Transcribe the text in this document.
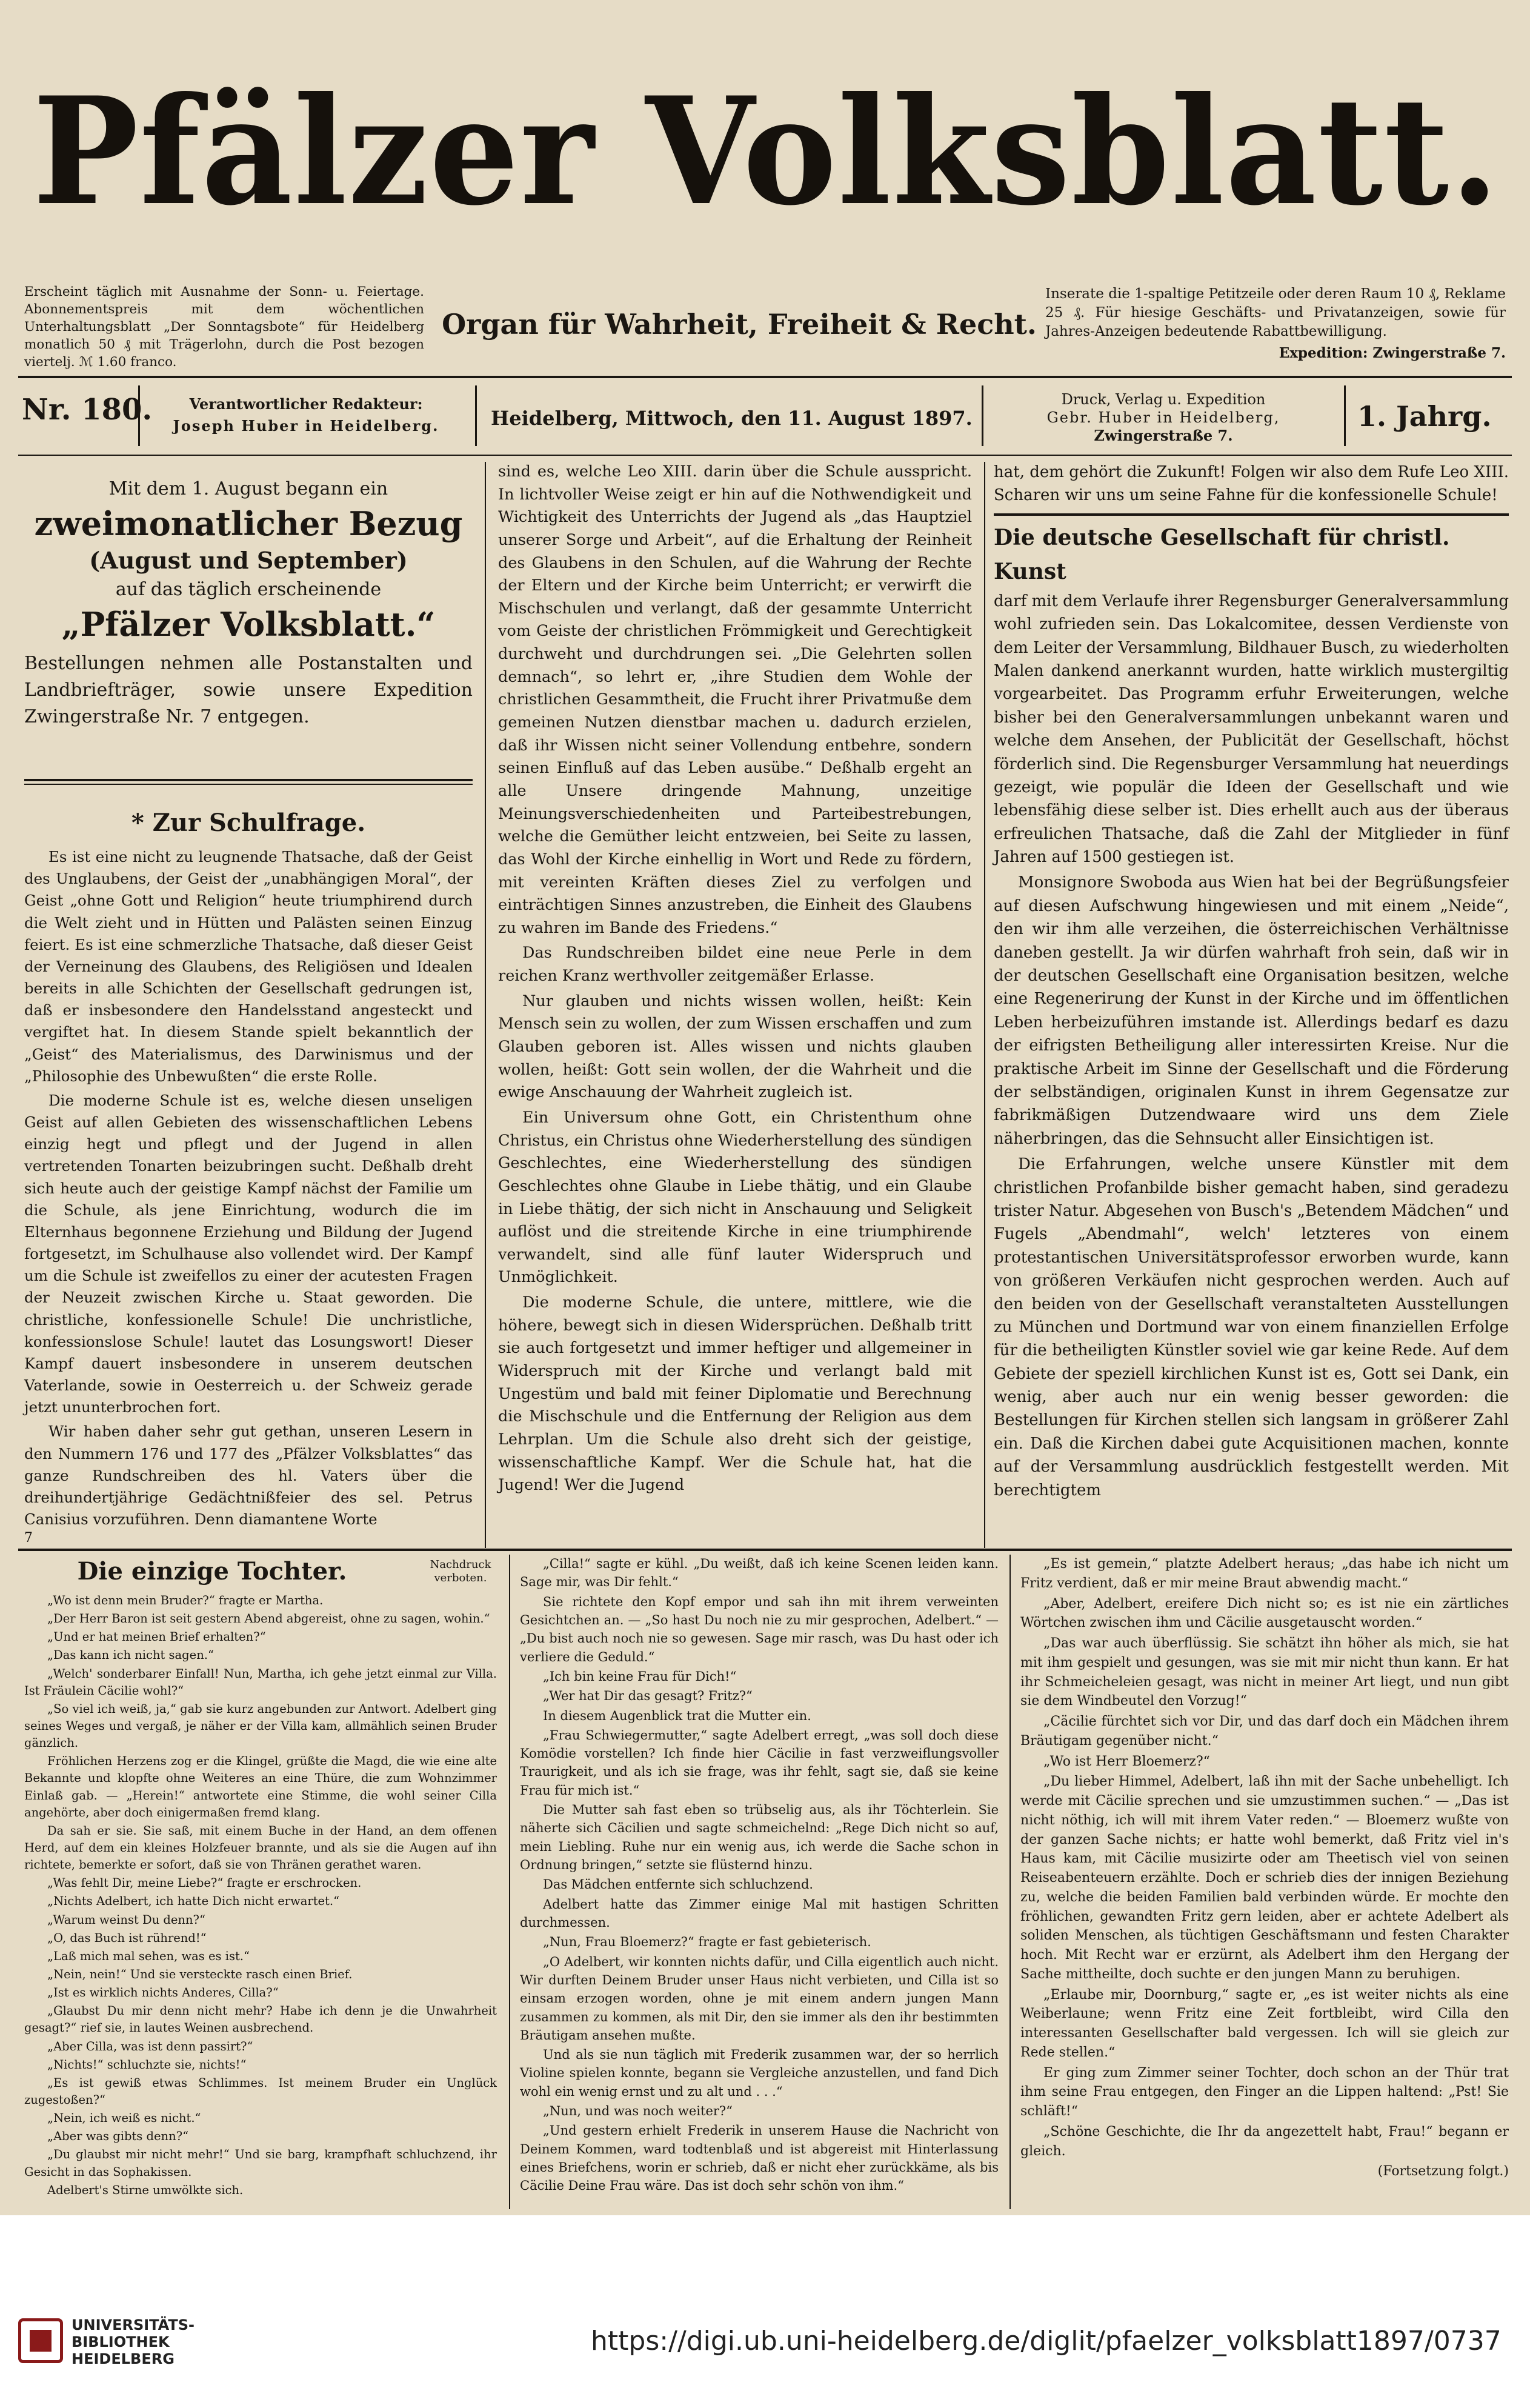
Pfälzer Volksblatt.
Erscheint täglich mit Ausnahme der Sonn- u. Feiertage. Abonnementspreis mit dem wöchentlichen Unterhaltungsblatt „Der Sonntagsbote“ für Heidelberg monatlich 50 ₰ mit Trägerlohn, durch die Post bezogen viertelj. ℳ 1.60 franco.
Organ für Wahrheit, Freiheit & Recht.
Inserate die 1-spaltige Petitzeile oder deren Raum 10 ₰, Reklame 25 ₰. Für hiesige Geschäfts- und Privatanzeigen, sowie für Jahres-Anzeigen bedeutende Rabattbewilligung.
Expedition: Zwingerstraße 7.
Nr. 180.	Verantwortlicher Redakteur:
Joseph Huber in Heidelberg.	Heidelberg, Mittwoch, den 11. August 1897.
Druck, Verlag u. Expedition
Gebr. Huber in Heidelberg,
Zwingerstraße 7.
1. Jahrg.
Mit dem 1. August begann ein
zweimonatlicher Bezug
(August und September)
auf das täglich erscheinende
„Pfälzer Volksblatt.“
Bestellungen nehmen alle Postanstalten und Landbriefträger, sowie unsere Expedition Zwingerstraße Nr. 7 entgegen.
* Zur Schulfrage.

Es ist eine nicht zu leugnende Thatsache, daß der Geist des Unglaubens, der Geist der „unabhängigen Moral“, der Geist „ohne Gott und Religion“ heute triumphirend durch die Welt zieht und in Hütten und Palästen seinen Einzug feiert. Es ist eine schmerzliche Thatsache, daß dieser Geist der Verneinung des Glaubens, des Religiösen und Idealen bereits in alle Schichten der Gesellschaft gedrungen ist, daß er insbesondere den Handelsstand angesteckt und vergiftet hat. In diesem Stande spielt bekanntlich der „Geist“ des Materialismus, des Darwinismus und der „Philosophie des Unbewußten“ die erste Rolle.

Die moderne Schule ist es, welche diesen unseligen Geist auf allen Gebieten des wissenschaftlichen Lebens einzig hegt und pflegt und der Jugend in allen vertretenden Tonarten beizubringen sucht. Deßhalb dreht sich heute auch der geistige Kampf nächst der Familie um die Schule, als jene Einrichtung, wodurch die im Elternhaus begonnene Erziehung und Bildung der Jugend fortgesetzt, im Schulhause also vollendet wird. Der Kampf um die Schule ist zweifellos zu einer der acutesten Fragen der Neuzeit zwischen Kirche u. Staat geworden. Die christliche, konfessionelle Schule! Die unchristliche, konfessionslose Schule! lautet das Losungswort! Dieser Kampf dauert insbesondere in unserem deutschen Vaterlande, sowie in Oesterreich u. der Schweiz gerade jetzt ununterbrochen fort.

Wir haben daher sehr gut gethan, unseren Lesern in den Nummern 176 und 177 des „Pfälzer Volksblattes“ das ganze Rundschreiben des hl. Vaters über die dreihundertjährige Gedächtnißfeier des sel. Petrus Canisius vorzuführen. Denn diamantene Worte

sind es, welche Leo XIII. darin über die Schule ausspricht. In lichtvoller Weise zeigt er hin auf die Nothwendigkeit und Wichtigkeit des Unterrichts der Jugend als „das Hauptziel unserer Sorge und Arbeit“, auf die Erhaltung der Reinheit des Glaubens in den Schulen, auf die Wahrung der Rechte der Eltern und der Kirche beim Unterricht; er verwirft die Mischschulen und verlangt, daß der gesammte Unterricht vom Geiste der christlichen Frömmigkeit und Gerechtigkeit durchweht und durchdrungen sei. „Die Gelehrten sollen demnach“, so lehrt er, „ihre Studien dem Wohle der christlichen Gesammtheit, die Frucht ihrer Privatmuße dem gemeinen Nutzen dienstbar machen u. dadurch erzielen, daß ihr Wissen nicht seiner Vollendung entbehre, sondern seinen Einfluß auf das Leben ausübe.“ Deßhalb ergeht an alle Unsere dringende Mahnung, unzeitige Meinungsverschiedenheiten und Parteibestrebungen, welche die Gemüther leicht entzweien, bei Seite zu lassen, das Wohl der Kirche einhellig in Wort und Rede zu fördern, mit vereinten Kräften dieses Ziel zu verfolgen und einträchtigen Sinnes anzustreben, die Einheit des Glaubens zu wahren im Bande des Friedens.“

Das Rundschreiben bildet eine neue Perle in dem reichen Kranz werthvoller zeitgemäßer Erlasse.

Nur glauben und nichts wissen wollen, heißt: Kein Mensch sein zu wollen, der zum Wissen erschaffen und zum Glauben geboren ist. Alles wissen und nichts glauben wollen, heißt: Gott sein wollen, der die Wahrheit und die ewige Anschauung der Wahrheit zugleich ist.

Ein Universum ohne Gott, ein Christenthum ohne Christus, ein Christus ohne Wiederherstellung des sündigen Geschlechtes, eine Wiederherstellung des sündigen Geschlechtes ohne Glaube in Liebe thätig, und ein Glaube in Liebe thätig, der sich nicht in Anschauung und Seligkeit auflöst und die streitende Kirche in eine triumphirende verwandelt, sind alle fünf lauter Widerspruch und Unmöglichkeit.

Die moderne Schule, die untere, mittlere, wie die höhere, bewegt sich in diesen Widersprüchen. Deßhalb tritt sie auch fortgesetzt und immer heftiger und allgemeiner in Widerspruch mit der Kirche und verlangt bald mit Ungestüm und bald mit feiner Diplomatie und Berechnung die Mischschule und die Entfernung der Religion aus dem Lehrplan. Um die Schule also dreht sich der geistige, wissenschaftliche Kampf. Wer die Schule hat, hat die Jugend! Wer die Jugend

hat, dem gehört die Zukunft! Folgen wir also dem Rufe Leo XIII. Scharen wir uns um seine Fahne für die konfessionelle Schule!

Die deutsche Gesellschaft für christl. Kunst

darf mit dem Verlaufe ihrer Regensburger Generalversammlung wohl zufrieden sein. Das Lokalcomitee, dessen Verdienste von dem Leiter der Versammlung, Bildhauer Busch, zu wiederholten Malen dankend anerkannt wurden, hatte wirklich mustergiltig vorgearbeitet. Das Programm erfuhr Erweiterungen, welche bisher bei den Generalversammlungen unbekannt waren und welche dem Ansehen, der Publicität der Gesellschaft, höchst förderlich sind. Die Regensburger Versammlung hat neuerdings gezeigt, wie populär die Ideen der Gesellschaft und wie lebensfähig diese selber ist. Dies erhellt auch aus der überaus erfreulichen Thatsache, daß die Zahl der Mitglieder in fünf Jahren auf 1500 gestiegen ist.

Monsignore Swoboda aus Wien hat bei der Begrüßungsfeier auf diesen Aufschwung hingewiesen und mit einem „Neide“, den wir ihm alle verzeihen, die österreichischen Verhältnisse daneben gestellt. Ja wir dürfen wahrhaft froh sein, daß wir in der deutschen Gesellschaft eine Organisation besitzen, welche eine Regenerirung der Kunst in der Kirche und im öffentlichen Leben herbeizuführen imstande ist. Allerdings bedarf es dazu der eifrigsten Betheiligung aller interessirten Kreise. Nur die praktische Arbeit im Sinne der Gesellschaft und die Förderung der selbständigen, originalen Kunst in ihrem Gegensatze zur fabrikmäßigen Dutzendwaare wird uns dem Ziele näherbringen, das die Sehnsucht aller Einsichtigen ist.

Die Erfahrungen, welche unsere Künstler mit dem christlichen Profanbilde bisher gemacht haben, sind geradezu trister Natur. Abgesehen von Busch's „Betendem Mädchen“ und Fugels „Abendmahl“, welch' letzteres von einem protestantischen Universitätsprofessor erworben wurde, kann von größeren Verkäufen nicht gesprochen werden. Auch auf den beiden von der Gesellschaft veranstalteten Ausstellungen zu München und Dortmund war von einem finanziellen Erfolge für die betheiligten Künstler soviel wie gar keine Rede. Auf dem Gebiete der speziell kirchlichen Kunst ist es, Gott sei Dank, ein wenig, aber auch nur ein wenig besser geworden: die Bestellungen für Kirchen stellen sich langsam in größerer Zahl ein. Daß die Kirchen dabei gute Acquisitionen machen, konnte auf der Versammlung ausdrücklich festgestellt werden. Mit berechtigtem

7
Die einzige Tochter.	Nachdruck verboten.

„Wo ist denn mein Bruder?“ fragte er Martha.

„Der Herr Baron ist seit gestern Abend abgereist, ohne zu sagen, wohin.“

„Und er hat meinen Brief erhalten?“

„Das kann ich nicht sagen.“

„Welch' sonderbarer Einfall! Nun, Martha, ich gehe jetzt einmal zur Villa. Ist Fräulein Cäcilie wohl?“

„So viel ich weiß, ja,“ gab sie kurz angebunden zur Antwort. Adelbert ging seines Weges und vergaß, je näher er der Villa kam, allmählich seinen Bruder gänzlich.

Fröhlichen Herzens zog er die Klingel, grüßte die Magd, die wie eine alte Bekannte und klopfte ohne Weiteres an eine Thüre, die zum Wohnzimmer Einlaß gab. — „Herein!“ antwortete eine Stimme, die wohl seiner Cilla angehörte, aber doch einigermaßen fremd klang.

Da sah er sie. Sie saß, mit einem Buche in der Hand, an dem offenen Herd, auf dem ein kleines Holzfeuer brannte, und als sie die Augen auf ihn richtete, bemerkte er sofort, daß sie von Thränen gerathet waren.

„Was fehlt Dir, meine Liebe?“ fragte er erschrocken.

„Nichts Adelbert, ich hatte Dich nicht erwartet.“

„Warum weinst Du denn?“

„O, das Buch ist rührend!“

„Laß mich mal sehen, was es ist.“

„Nein, nein!“ Und sie versteckte rasch einen Brief.

„Ist es wirklich nichts Anderes, Cilla?“

„Glaubst Du mir denn nicht mehr? Habe ich denn je die Unwahrheit gesagt?“ rief sie, in lautes Weinen ausbrechend.

„Aber Cilla, was ist denn passirt?“

„Nichts!“ schluchzte sie, nichts!“

„Es ist gewiß etwas Schlimmes. Ist meinem Bruder ein Unglück zugestoßen?“

„Nein, ich weiß es nicht.“

„Aber was gibts denn?“

„Du glaubst mir nicht mehr!“ Und sie barg, krampfhaft schluchzend, ihr Gesicht in das Sophakissen.

Adelbert's Stirne umwölkte sich.

„Cilla!“ sagte er kühl. „Du weißt, daß ich keine Scenen leiden kann. Sage mir, was Dir fehlt.“

Sie richtete den Kopf empor und sah ihn mit ihrem verweinten Gesichtchen an. — „So hast Du noch nie zu mir gesprochen, Adelbert.“ — „Du bist auch noch nie so gewesen. Sage mir rasch, was Du hast oder ich verliere die Geduld.“

„Ich bin keine Frau für Dich!“

„Wer hat Dir das gesagt? Fritz?“

In diesem Augenblick trat die Mutter ein.

„Frau Schwiegermutter,“ sagte Adelbert erregt, „was soll doch diese Komödie vorstellen? Ich finde hier Cäcilie in fast verzweiflungsvoller Traurigkeit, und als ich sie frage, was ihr fehlt, sagt sie, daß sie keine Frau für mich ist.“

Die Mutter sah fast eben so trübselig aus, als ihr Töchterlein. Sie näherte sich Cäcilien und sagte schmeichelnd: „Rege Dich nicht so auf, mein Liebling. Ruhe nur ein wenig aus, ich werde die Sache schon in Ordnung bringen,“ setzte sie flüsternd hinzu.

Das Mädchen entfernte sich schluchzend.

Adelbert hatte das Zimmer einige Mal mit hastigen Schritten durchmessen.

„Nun, Frau Bloemerz?“ fragte er fast gebieterisch.

„O Adelbert, wir konnten nichts dafür, und Cilla eigentlich auch nicht. Wir durften Deinem Bruder unser Haus nicht verbieten, und Cilla ist so einsam erzogen worden, ohne je mit einem andern jungen Mann zusammen zu kommen, als mit Dir, den sie immer als den ihr bestimmten Bräutigam ansehen mußte.

Und als sie nun täglich mit Frederik zusammen war, der so herrlich Violine spielen konnte, begann sie Vergleiche anzustellen, und fand Dich wohl ein wenig ernst und zu alt und . . .“

„Nun, und was noch weiter?“

„Und gestern erhielt Frederik in unserem Hause die Nachricht von Deinem Kommen, ward todtenblaß und ist abgereist mit Hinterlassung eines Briefchens, worin er schrieb, daß er nicht eher zurückkäme, als bis Cäcilie Deine Frau wäre. Das ist doch sehr schön von ihm.“

„Es ist gemein,“ platzte Adelbert heraus; „das habe ich nicht um Fritz verdient, daß er mir meine Braut abwendig macht.“

„Aber, Adelbert, ereifere Dich nicht so; es ist nie ein zärtliches Wörtchen zwischen ihm und Cäcilie ausgetauscht worden.“

„Das war auch überflüssig. Sie schätzt ihn höher als mich, sie hat mit ihm gespielt und gesungen, was sie mit mir nicht thun kann. Er hat ihr Schmeicheleien gesagt, was nicht in meiner Art liegt, und nun gibt sie dem Windbeutel den Vorzug!“

„Cäcilie fürchtet sich vor Dir, und das darf doch ein Mädchen ihrem Bräutigam gegenüber nicht.“

„Wo ist Herr Bloemerz?“

„Du lieber Himmel, Adelbert, laß ihn mit der Sache unbehelligt. Ich werde mit Cäcilie sprechen und sie umzustimmen suchen.“ — „Das ist nicht nöthig, ich will mit ihrem Vater reden.“ — Bloemerz wußte von der ganzen Sache nichts; er hatte wohl bemerkt, daß Fritz viel in's Haus kam, mit Cäcilie musizirte oder am Theetisch viel von seinen Reiseabenteuern erzählte. Doch er schrieb dies der innigen Beziehung zu, welche die beiden Familien bald verbinden würde. Er mochte den fröhlichen, gewandten Fritz gern leiden, aber er achtete Adelbert als soliden Menschen, als tüchtigen Geschäftsmann und festen Charakter hoch. Mit Recht war er erzürnt, als Adelbert ihm den Hergang der Sache mittheilte, doch suchte er den jungen Mann zu beruhigen.

„Erlaube mir, Doornburg,“ sagte er, „es ist weiter nichts als eine Weiberlaune; wenn Fritz eine Zeit fortbleibt, wird Cilla den interessanten Gesellschafter bald vergessen. Ich will sie gleich zur Rede stellen.“

Er ging zum Zimmer seiner Tochter, doch schon an der Thür trat ihm seine Frau entgegen, den Finger an die Lippen haltend: „Pst! Sie schläft!“

„Schöne Geschichte, die Ihr da angezettelt habt, Frau!“ begann er gleich.

(Fortsetzung folgt.)

UNIVERSITÄTS-
BIBLIOTHEK
HEIDELBERG
https://digi.ub.uni-heidelberg.de/diglit/pfaelzer_volksblatt1897/0737
